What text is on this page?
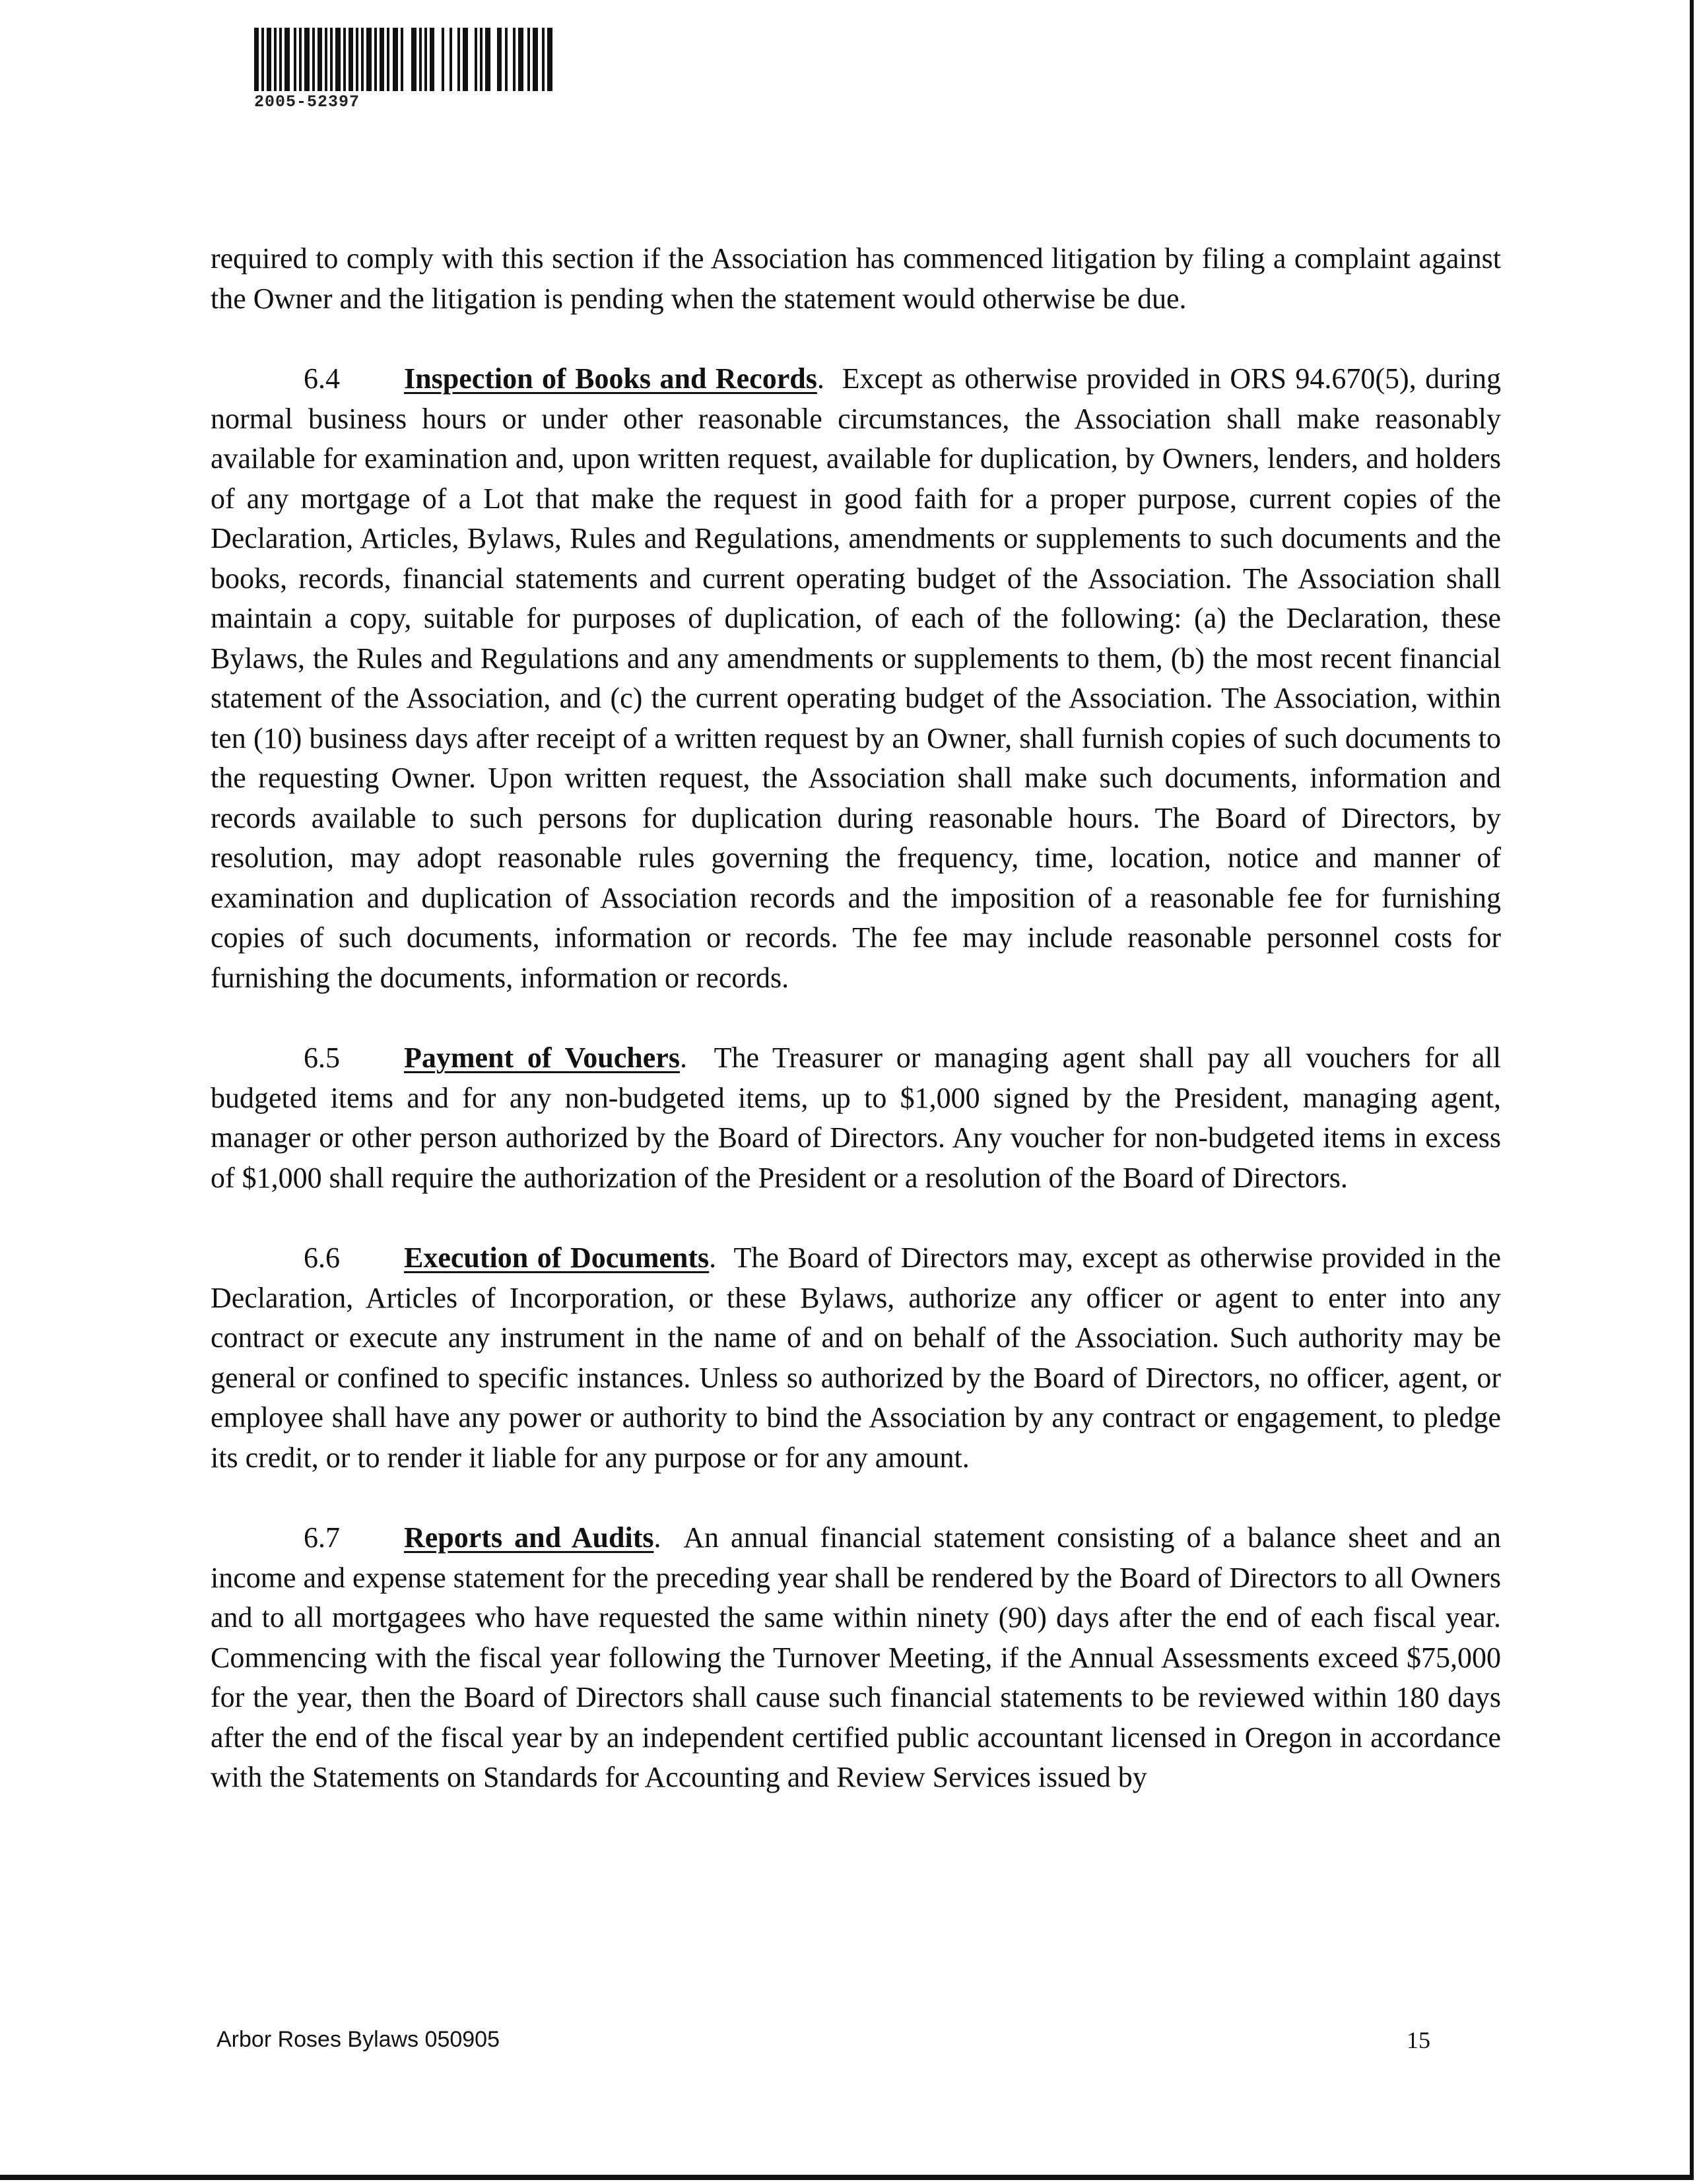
2005-52397

required to comply with this section if the Association has commenced litigation by filing a complaint against the Owner and the litigation is pending when the statement would otherwise be due.

6.4 Inspection of Books and Records.  Except as otherwise provided in ORS 94.670(5), during normal business hours or under other reasonable circumstances, the Association shall make reasonably available for examination and, upon written request, available for duplication, by Owners, lenders, and holders of any mortgage of a Lot that make the request in good faith for a proper purpose, current copies of the Declaration, Articles, Bylaws, Rules and Regulations, amendments or supplements to such documents and the books, records, financial statements and current operating budget of the Association. The Association shall maintain a copy, suitable for purposes of duplication, of each of the following: (a) the Declaration, these Bylaws, the Rules and Regulations and any amendments or supplements to them, (b) the most recent financial statement of the Association, and (c) the current operating budget of the Association. The Association, within ten (10) business days after receipt of a written request by an Owner, shall furnish copies of such documents to the requesting Owner. Upon written request, the Association shall make such documents, information and records available to such persons for duplication during reasonable hours. The Board of Directors, by resolution, may adopt reasonable rules governing the frequency, time, location, notice and manner of examination and duplication of Association records and the imposition of a reasonable fee for furnishing copies of such documents, information or records. The fee may include reasonable personnel costs for furnishing the documents, information or records.

6.5 Payment of Vouchers.  The Treasurer or managing agent shall pay all vouchers for all budgeted items and for any non-budgeted items, up to $1,000 signed by the President, managing agent, manager or other person authorized by the Board of Directors. Any voucher for non-budgeted items in excess of $1,000 shall require the authorization of the President or a resolution of the Board of Directors.

6.6 Execution of Documents.  The Board of Directors may, except as otherwise provided in the Declaration, Articles of Incorporation, or these Bylaws, authorize any officer or agent to enter into any contract or execute any instrument in the name of and on behalf of the Association. Such authority may be general or confined to specific instances. Unless so authorized by the Board of Directors, no officer, agent, or employee shall have any power or authority to bind the Association by any contract or engagement, to pledge its credit, or to render it liable for any purpose or for any amount.

6.7 Reports and Audits.  An annual financial statement consisting of a balance sheet and an income and expense statement for the preceding year shall be rendered by the Board of Directors to all Owners and to all mortgagees who have requested the same within ninety (90) days after the end of each fiscal year. Commencing with the fiscal year following the Turnover Meeting, if the Annual Assessments exceed $75,000 for the year, then the Board of Directors shall cause such financial statements to be reviewed within 180 days after the end of the fiscal year by an independent certified public accountant licensed in Oregon in accordance with the Statements on Standards for Accounting and Review Services issued by

Arbor Roses Bylaws 050905	15
